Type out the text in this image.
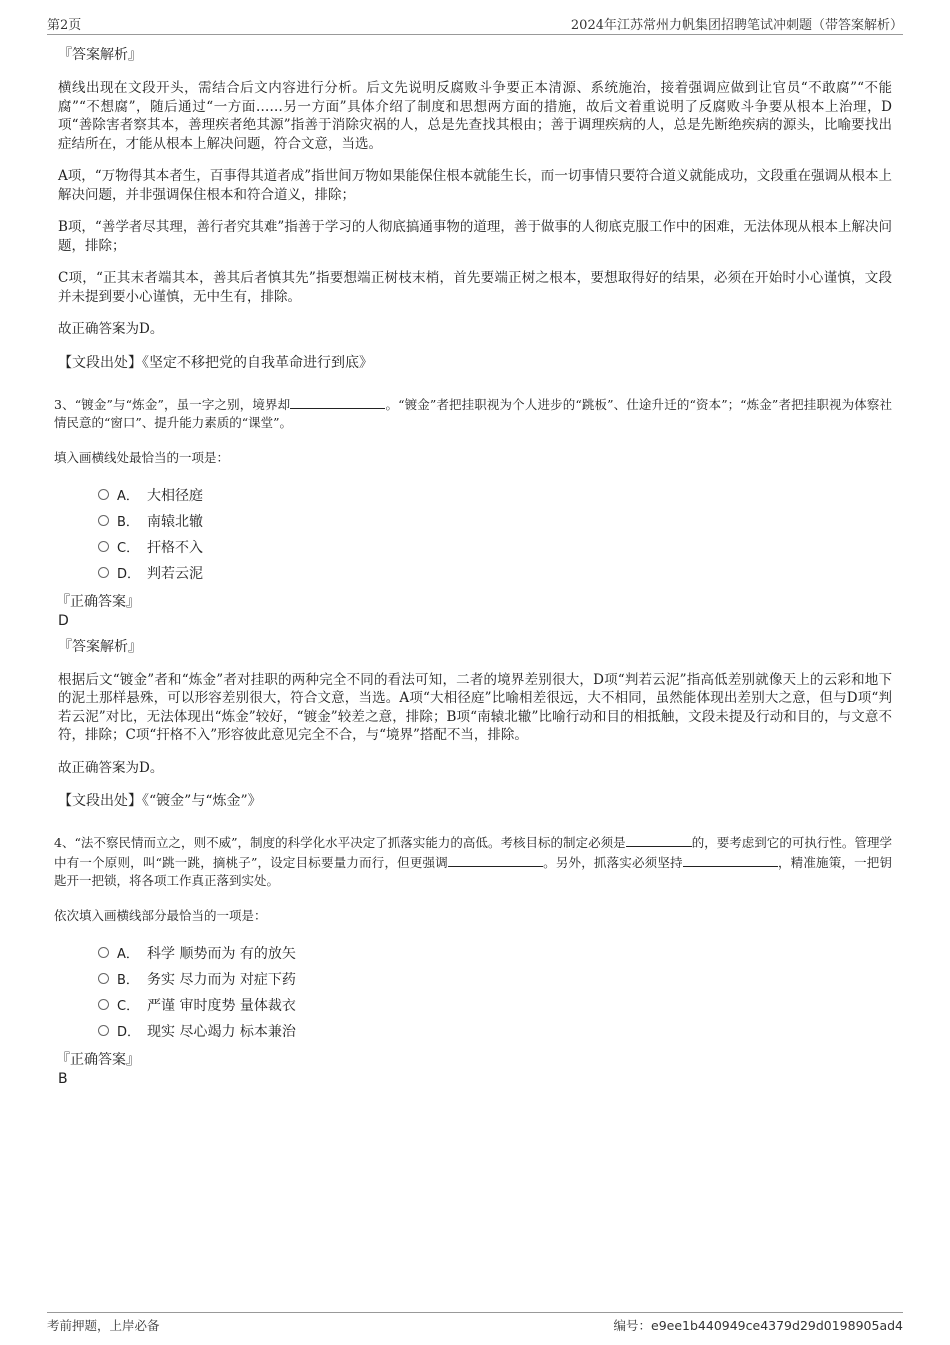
第2页	2024年江苏常州力帆集团招聘笔试冲刺题（带答案解析）
『答案解析』

横线出现在文段开头，需结合后文内容进行分析。后文先说明反腐败斗争要正本清源、系统施治，接着强调应做到让官员“不敢腐”“不能腐”“不想腐”，随后通过“一方面……另一方面”具体介绍了制度和思想两方面的措施，故后文着重说明了反腐败斗争要从根本上治理，D项“善除害者察其本，善理疾者绝其源”指善于消除灾祸的人，总是先查找其根由；善于调理疾病的人，总是先断绝疾病的源头，比喻要找出症结所在，才能从根本上解决问题，符合文意，当选。

A项，“万物得其本者生，百事得其道者成”指世间万物如果能保住根本就能生长，而一切事情只要符合道义就能成功，文段重在强调从根本上解决问题，并非强调保住根本和符合道义，排除；

B项，“善学者尽其理，善行者究其难”指善于学习的人彻底搞通事物的道理，善于做事的人彻底克服工作中的困难，无法体现从根本上解决问题，排除；

C项，“正其末者端其本，善其后者慎其先”指要想端正树枝末梢，首先要端正树之根本，要想取得好的结果，必须在开始时小心谨慎，文段并未提到要小心谨慎，无中生有，排除。

故正确答案为D。

【文段出处】《坚定不移把党的自我革命进行到底》

3、“镀金”与“炼金”，虽一字之别，境界却	。“镀金”者把挂职视为个人进步的“跳板”、仕途升迁的“资本”；“炼金”者把挂职视为体察社情民意的“窗口”、提升能力素质的“课堂”。

填入画横线处最恰当的一项是：

A． 大相径庭
B． 南辕北辙
C． 扞格不入
D． 判若云泥
『正确答案』
D
『答案解析』

根据后文“镀金”者和“炼金”者对挂职的两种完全不同的看法可知，二者的境界差别很大，D项“判若云泥”指高低差别就像天上的云彩和地下的泥土那样悬殊，可以形容差别很大，符合文意，当选。A项“大相径庭”比喻相差很远，大不相同，虽然能体现出差别大之意，但与D项“判若云泥”对比，无法体现出“炼金”较好，“镀金”较差之意，排除；B项“南辕北辙”比喻行动和目的相抵触，文段未提及行动和目的，与文意不符，排除；C项“扞格不入”形容彼此意见完全不合，与“境界”搭配不当，排除。

故正确答案为D。

【文段出处】《“镀金”与“炼金”》

4、“法不察民情而立之，则不威”，制度的科学化水平决定了抓落实能力的高低。考核目标的制定必须是	的，要考虑到它的可执行性。管理学中有一个原则，叫“跳一跳，摘桃子”，设定目标要量力而行，但更强调	。另外，抓落实必须坚持	，精准施策，一把钥匙开一把锁，将各项工作真正落到实处。

依次填入画横线部分最恰当的一项是：

A． 科学 顺势而为 有的放矢
B． 务实 尽力而为 对症下药
C． 严谨 审时度势 量体裁衣
D． 现实 尽心竭力 标本兼治
『正确答案』
B
考前押题，上岸必备	编号：e9ee1b440949ce4379d29d0198905ad4
